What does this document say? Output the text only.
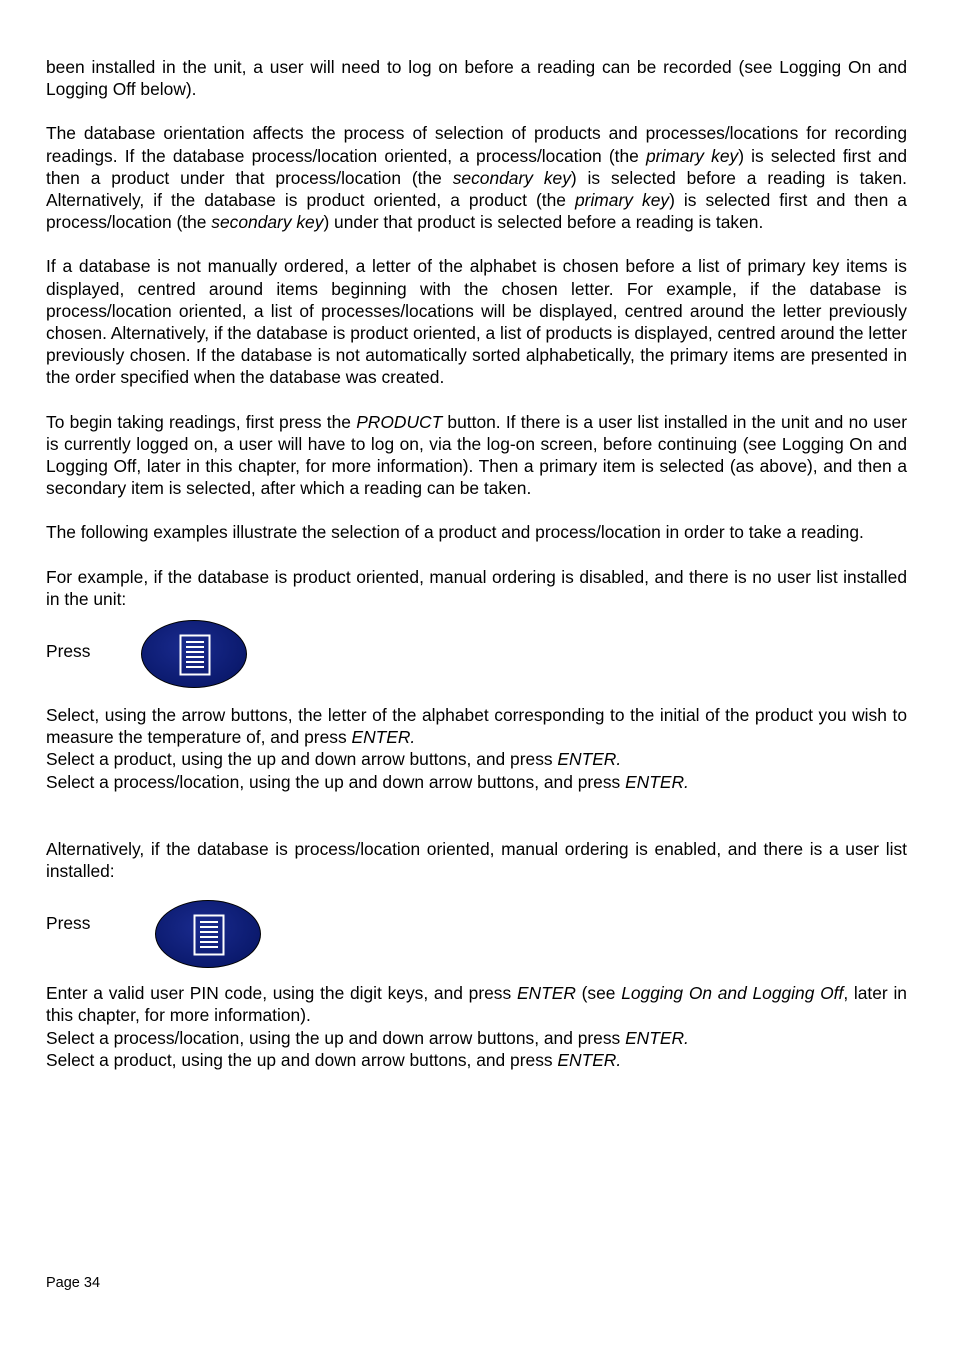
been installed in the unit, a user will need to log on before a reading can be recorded (see Logging On and Logging Off below).

The database orientation affects the process of selection of products and processes/locations for recording readings. If the database process/location oriented, a process/location (the primary key) is selected first and then a product under that process/location (the secondary key) is selected before a reading is taken. Alternatively, if the database is product oriented, a product (the primary key) is selected first and then a process/location (the secondary key) under that product is selected before a reading is taken.

If a database is not manually ordered, a letter of the alphabet is chosen before a list of primary key items is displayed, centred around items beginning with the chosen letter. For example, if the database is process/location oriented, a list of processes/locations will be displayed, centred around the letter previously chosen. Alternatively, if the database is product oriented, a list of products is displayed, centred around the letter previously chosen. If the database is not automatically sorted alphabetically, the primary items are presented in the order specified when the database was created.

To begin taking readings, first press the PRODUCT button. If there is a user list installed in the unit and no user is currently logged on, a user will have to log on, via the log-on screen, before continuing (see Logging On and Logging Off, later in this chapter, for more information). Then a primary item is selected (as above), and then a secondary item is selected, after which a reading can be taken.

The following examples illustrate the selection of a product and process/location in order to take a reading.

For example, if the database is product oriented, manual ordering is disabled, and there is no user list installed in the unit:

Press

Select, using the arrow buttons, the letter of the alphabet corresponding to the initial of the product you wish to measure the temperature of, and press ENTER.

Select a product, using the up and down arrow buttons, and press ENTER.

Select a process/location, using the up and down arrow buttons, and press ENTER.

Alternatively, if the database is process/location oriented, manual ordering is enabled, and there is a user list installed:

Press

Enter a valid user PIN code, using the digit keys, and press ENTER (see Logging On and Logging Off, later in this chapter, for more information).

Select a process/location, using the up and down arrow buttons, and press ENTER.

Select a product, using the up and down arrow buttons, and press ENTER.

Page 34
